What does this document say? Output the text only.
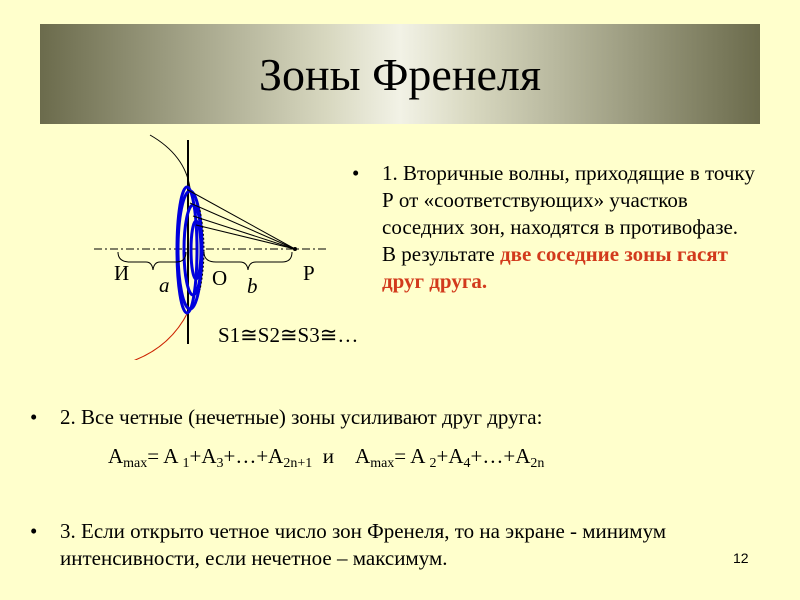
Зоны Френеля
И a O b
P
S1≅S2≅S3≅…
• 1. Вторичные волны, приходящие в точку Р от «соответствующих» участков соседних зон, находятся в противофазе. В результате две соседние зоны гасят друг друга.
• 2. Все четные (нечетные) зоны усиливают друг друга:
$A_{max}= A$ $_1+A_3+\dots+A_{2n+1}$  и    $A_{max}= A$ $_2+A_4+\dots+A_{2n}$
• 3. Если открыто четное число зон Френеля, то на экране - минимум интенсивности, если нечетное – максимум.	12
